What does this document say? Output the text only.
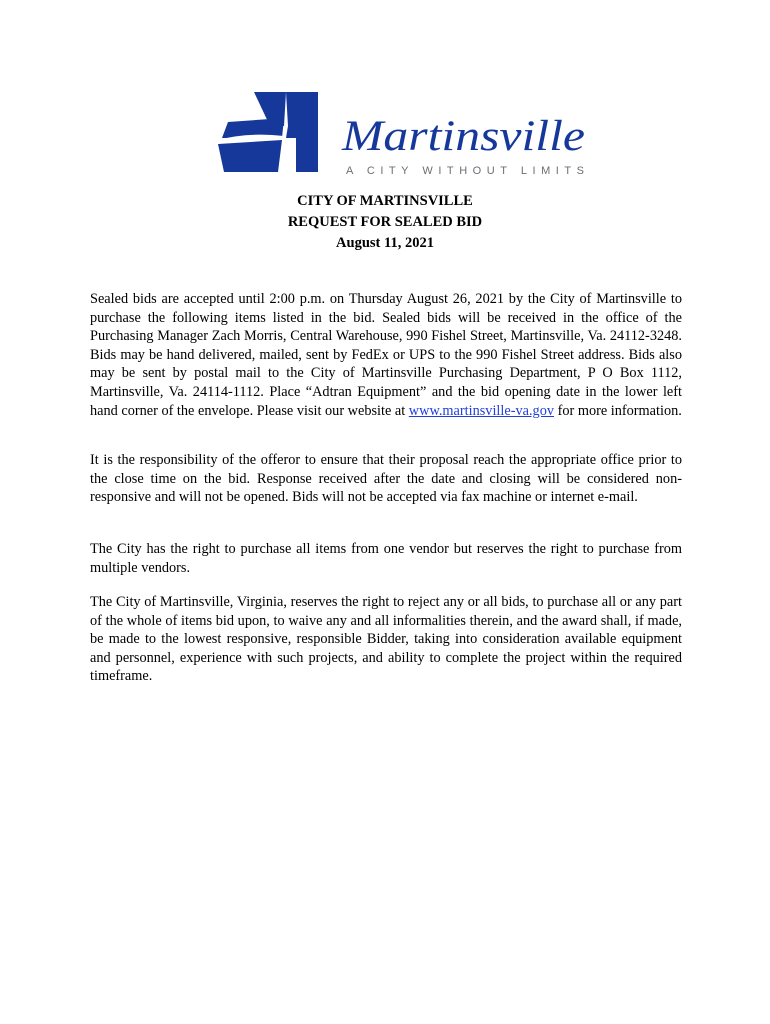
Martinsville
A CITY WITHOUT LIMITS
CITY OF MARTINSVILLE
REQUEST FOR SEALED BID
August 11, 2021

Sealed bids are accepted until 2:00 p.m. on Thursday August 26, 2021 by the City of Martinsville to purchase the following items listed in the bid. Sealed bids will be received in the office of the Purchasing Manager Zach Morris, Central Warehouse, 990 Fishel Street, Martinsville, Va. 24112-3248. Bids may be hand delivered, mailed, sent by FedEx or UPS to the 990 Fishel Street address. Bids also may be sent by postal mail to the City of Martinsville Purchasing Department, P O Box 1112, Martinsville, Va. 24114-1112. Place “Adtran Equipment” and the bid opening date in the lower left hand corner of the envelope. Please visit our website at www.martinsville-va.gov for more information.

It is the responsibility of the offeror to ensure that their proposal reach the appropriate office prior to the close time on the bid. Response received after the date and closing will be considered non-responsive and will not be opened. Bids will not be accepted via fax machine or internet e-mail.

The City has the right to purchase all items from one vendor but reserves the right to purchase from multiple vendors.

The City of Martinsville, Virginia, reserves the right to reject any or all bids, to purchase all or any part of the whole of items bid upon, to waive any and all informalities therein, and the award shall, if made, be made to the lowest responsive, responsible Bidder, taking into consideration available equipment and personnel, experience with such projects, and ability to complete the project within the required timeframe.
